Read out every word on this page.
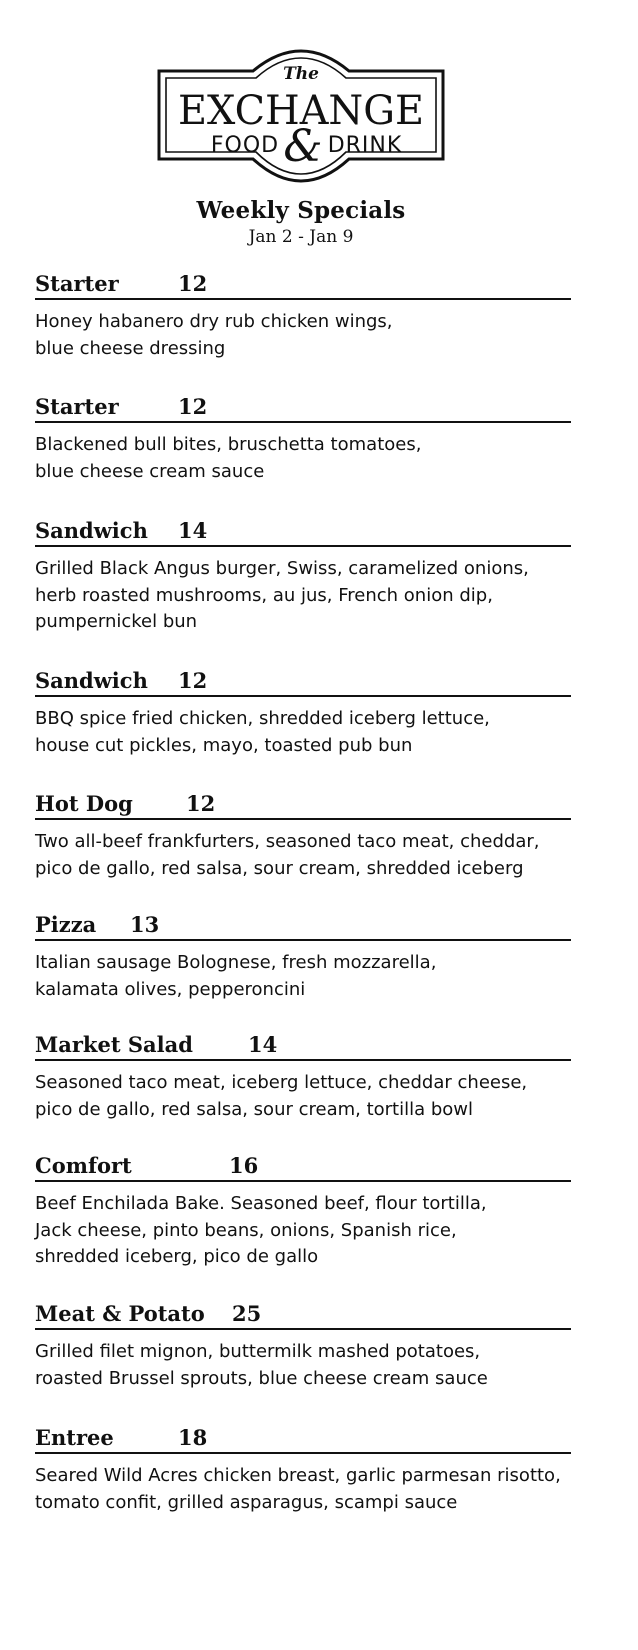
The
EXCHANGE
FOOD & DRINK
Weekly Specials
Jan 2 - Jan 9
Starter	12
Honey habanero dry rub chicken wings,
blue cheese dressing
Starter	12
Blackened bull bites, bruschetta tomatoes,
blue cheese cream sauce
Sandwich 14
Grilled Black Angus burger, Swiss, caramelized onions,
herb roasted mushrooms, au jus, French onion dip,
pumpernickel bun
Sandwich 12
BBQ spice fried chicken, shredded iceberg lettuce,
house cut pickles, mayo, toasted pub bun
Hot Dog	12
Two all-beef frankfurters, seasoned taco meat, cheddar,
pico de gallo, red salsa, sour cream, shredded iceberg
Pizza 13
Italian sausage Bolognese, fresh mozzarella,
kalamata olives, pepperoncini
Market Salad	14
Seasoned taco meat, iceberg lettuce, cheddar cheese,
pico de gallo, red salsa, sour cream, tortilla bowl
Comfort	16
Beef Enchilada Bake. Seasoned beef, flour tortilla,
Jack cheese, pinto beans, onions, Spanish rice,
shredded iceberg, pico de gallo
Meat & Potato 25
Grilled filet mignon, buttermilk mashed potatoes,
roasted Brussel sprouts, blue cheese cream sauce
Entree	18
Seared Wild Acres chicken breast, garlic parmesan risotto,
tomato confit, grilled asparagus, scampi sauce
